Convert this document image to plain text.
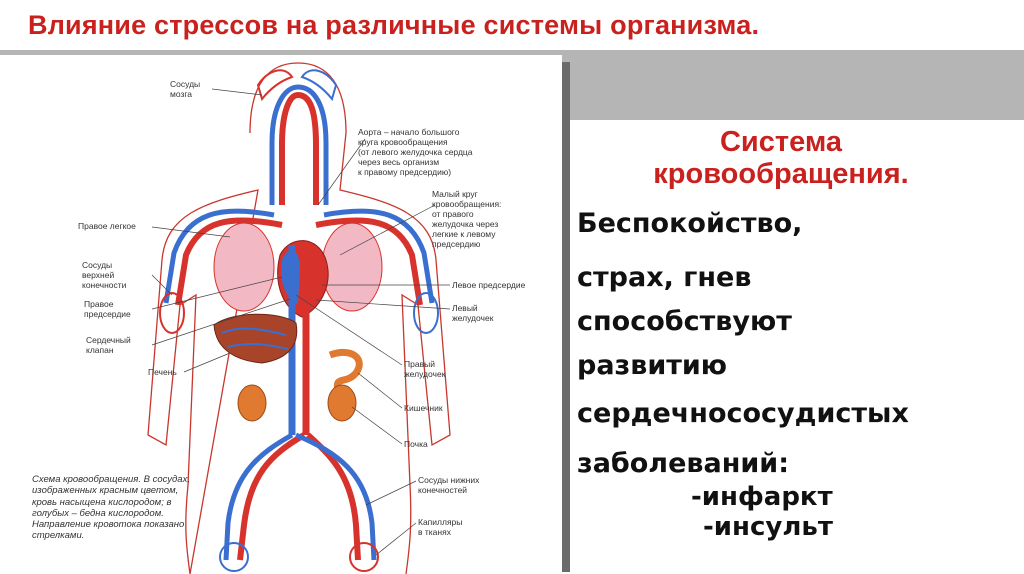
Влияние стрессов на различные системы организма.
Сосуды
мозга
Аорта – начало большого
круга кровообращения
(от левого желудочка сердца
через весь организм
к правому предсердию)
Малый круг
кровообращения:
от правого
желудочка через
легкие к левому
предсердию
Правое легкое
Сосуды
верхней
конечности	Левое предсердие
Правое
предсердие
Левый
желудочек
Сердечный
клапан
Печень
Правый
желудочек
Кишечник
Почка
Сосуды нижних
конечностей
Капилляры
в тканях
Схема кровообращения. В сосудах, изображенных красным цветом, кровь насыщена кислородом; в голубых – бедна кислородом. Направление кровотока показано стрелками.
Система кровообращения.

Беспокойство,

страх, гнев

способствуют

развитию

сердечнососудистых

заболеваний:

-инфаркт

-инсульт
